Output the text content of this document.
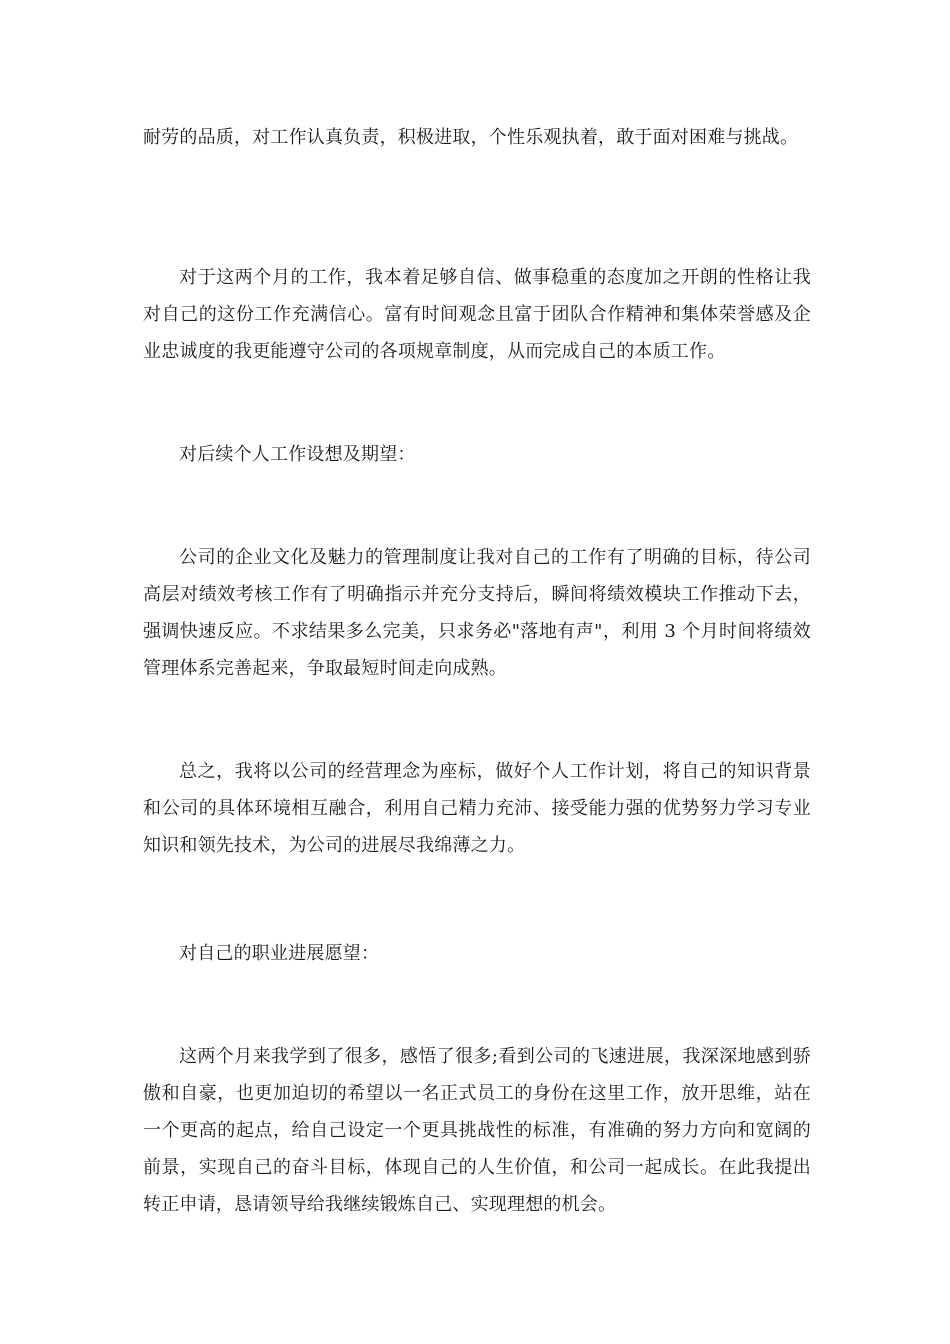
耐劳的品质，对工作认真负责，积极进取，个性乐观执着，敢于面对困难与挑战。

对于这两个月的工作，我本着足够自信、做事稳重的态度加之开朗的性格让我对自己的这份工作充满信心。富有时间观念且富于团队合作精神和集体荣誉感及企业忠诚度的我更能遵守公司的各项规章制度，从而完成自己的本质工作。

对后续个人工作设想及期望：

公司的企业文化及魅力的管理制度让我对自己的工作有了明确的目标，待公司高层对绩效考核工作有了明确指示并充分支持后，瞬间将绩效模块工作推动下去，强调快速反应。不求结果多么完美，只求务必"落地有声"，利用 3 个月时间将绩效管理体系完善起来，争取最短时间走向成熟。

总之，我将以公司的经营理念为座标，做好个人工作计划，将自己的知识背景和公司的具体环境相互融合，利用自己精力充沛、接受能力强的优势努力学习专业知识和领先技术，为公司的进展尽我绵薄之力。

对自己的职业进展愿望：

这两个月来我学到了很多，感悟了很多;看到公司的飞速进展，我深深地感到骄傲和自豪，也更加迫切的希望以一名正式员工的身份在这里工作，放开思维，站在一个更高的起点，给自己设定一个更具挑战性的标准，有准确的努力方向和宽阔的前景，实现自己的奋斗目标，体现自己的人生价值，和公司一起成长。在此我提出转正申请，恳请领导给我继续锻炼自己、实现理想的机会。
